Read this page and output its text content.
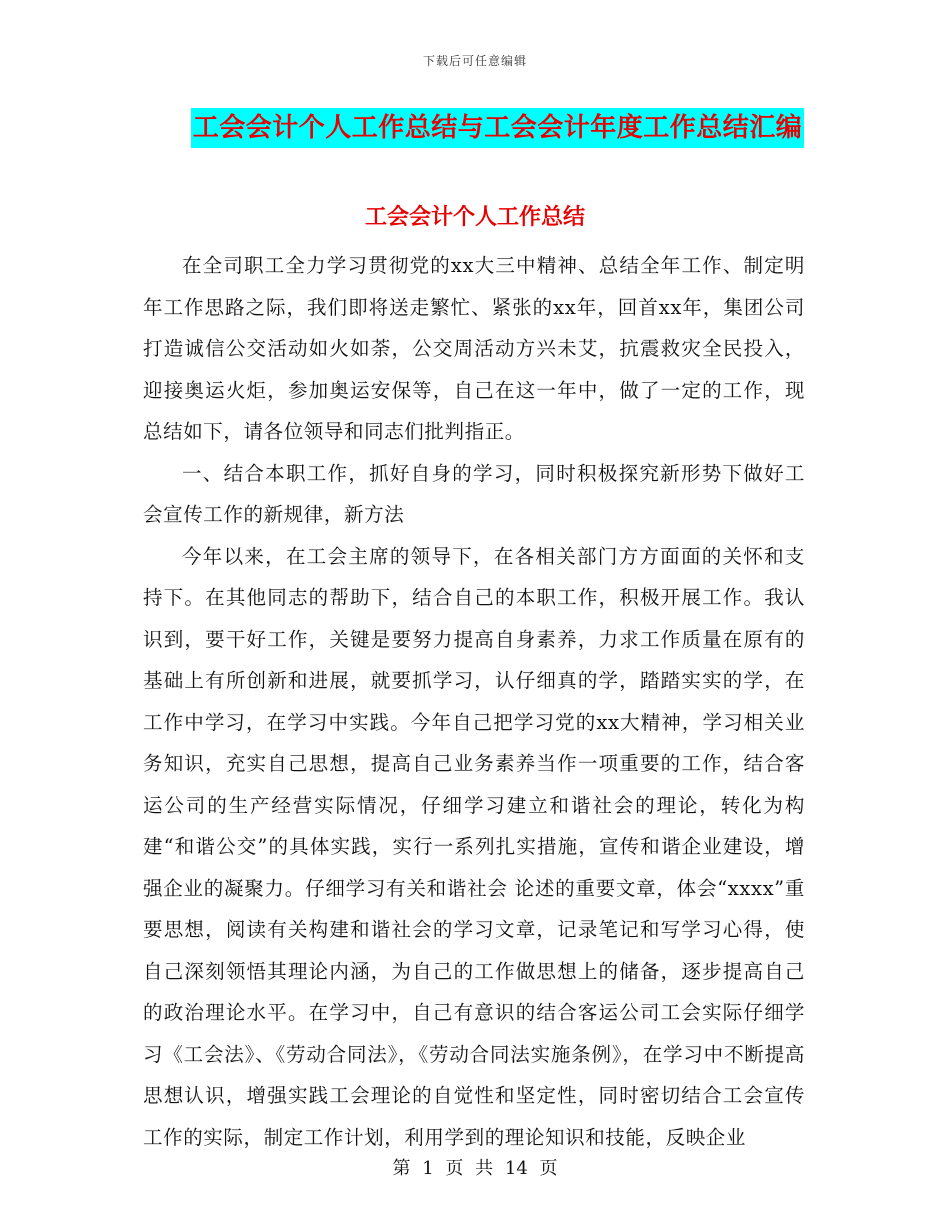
下载后可任意编辑
工会会计个人工作总结与工会会计年度工作总结汇编
工会会计个人工作总结

在全司职工全力学习贯彻党的xx大三中精神、总结全年工作、制定明年工作思路之际，我们即将送走繁忙、紧张的xx年，回首xx年，集团公司打造诚信公交活动如火如荼，公交周活动方兴未艾，抗震救灾全民投入，迎接奥运火炬，参加奥运安保等，自己在这一年中，做了一定的工作，现总结如下，请各位领导和同志们批判指正。

一、结合本职工作，抓好自身的学习，同时积极探究新形势下做好工会宣传工作的新规律，新方法

今年以来，在工会主席的领导下，在各相关部门方方面面的关怀和支持下。在其他同志的帮助下，结合自己的本职工作，积极开展工作。我认识到，要干好工作，关键是要努力提高自身素养，力求工作质量在原有的基础上有所创新和进展，就要抓学习，认仔细真的学，踏踏实实的学，在工作中学习，在学习中实践。今年自己把学习党的xx大精神，学习相关业务知识，充实自己思想，提高自己业务素养当作一项重要的工作，结合客运公司的生产经营实际情况，仔细学习建立和谐社会的理论，转化为构建“和谐公交”的具体实践，实行一系列扎实措施，宣传和谐企业建设，增强企业的凝聚力。仔细学习有关和谐社会 论述的重要文章，体会“xxxx”重要思想，阅读有关构建和谐社会的学习文章，记录笔记和写学习心得，使自己深刻领悟其理论内涵，为自己的工作做思想上的储备，逐步提高自己的政治理论水平。在学习中，自己有意识的结合客运公司工会实际仔细学习《工会法》、《劳动合同法》，《劳动合同法实施条例》，在学习中不断提高思想认识，增强实践工会理论的自觉性和坚定性，同时密切结合工会宣传工作的实际，制定工作计划，利用学到的理论知识和技能，反映企业

第 1 页 共 14 页
